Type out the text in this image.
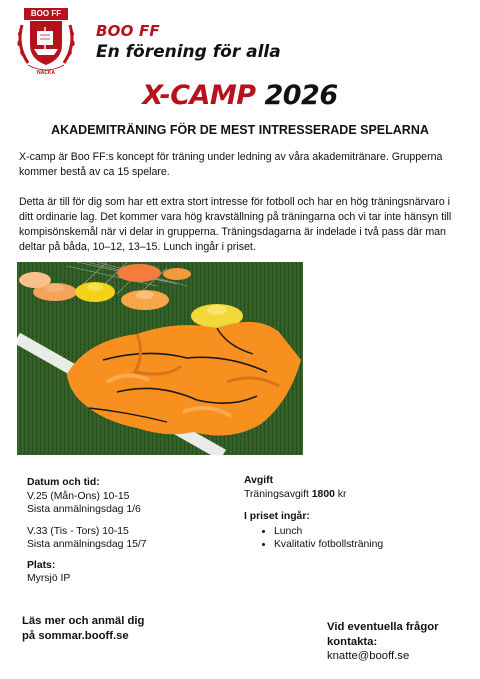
BOO FF
NACKA
BOO FF
En förening för alla
X-CAMP 2026
AKADEMITRÄNING FÖR DE MEST INTRESSERADE SPELARNA

X-camp är Boo FF:s koncept för träning under ledning av våra akademitränare. Grupperna kommer bestå av ca 15 spelare.

Detta är till för dig som har ett extra stort intresse för fotboll och har en hög träningsnärvaro i ditt ordinarie lag. Det kommer vara hög kravställning på träningarna och vi tar inte hänsyn till kompisönskemål när vi delar in grupperna. Träningsdagarna är indelade i två pass där man deltar på båda, 10–12, 13–15. Lunch ingår i priset.

Datum och tid:
V.25 (Mån-Ons) 10-15
Sista anmälningsdag 1/6
V.33 (Tis - Tors) 10-15
Sista anmälningsdag 15/7
Plats:
Myrsjö IP
Avgift
Träningsavgift 1800 kr
I priset ingår:
• Lunch
• Kvalitativ fotbollsträning
Läs mer och anmäl dig
på sommar.booff.se
Vid eventuella frågor
kontakta:
knatte@booff.se
